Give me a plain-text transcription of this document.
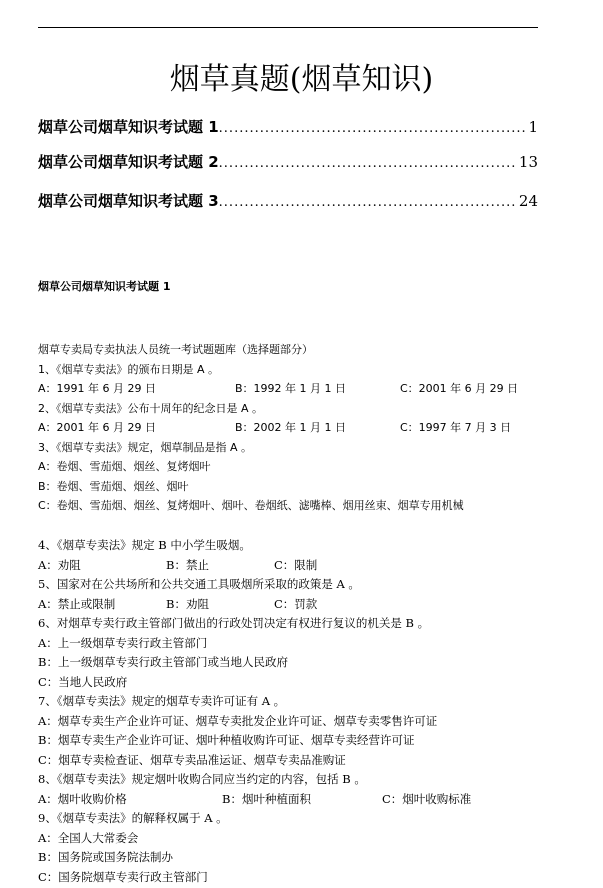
烟草真题(烟草知识)
烟草公司烟草知识考试题 1 .....	1
烟草公司烟草知识考试题 2 .....	13
烟草公司烟草知识考试题 3 .....	24
烟草公司烟草知识考试题 1
烟草专卖局专卖执法人员统一考试题题库（选择题部分）
1、《烟草专卖法》的颁布日期是 A 。
A：1991 年 6 月 29 日	B：1992 年 1 月 1 日	C：2001 年 6 月 29 日
2、《烟草专卖法》公布十周年的纪念日是 A 。
A：2001 年 6 月 29 日	B：2002 年 1 月 1 日	C：1997 年 7 月 3 日
3、《烟草专卖法》规定，烟草制品是指 A 。
A：卷烟、雪茄烟、烟丝、复烤烟叶
B：卷烟、雪茄烟、烟丝、烟叶
C：卷烟、雪茄烟、烟丝、复烤烟叶、烟叶、卷烟纸、滤嘴棒、烟用丝束、烟草专用机械
4、《烟草专卖法》规定 B 中小学生吸烟。
A：劝阻	B：禁止	C：限制
5、国家对在公共场所和公共交通工具吸烟所采取的政策是 A 。
A：禁止或限制	B：劝阻	C：罚款
6、对烟草专卖行政主管部门做出的行政处罚决定有权进行复议的机关是 B 。
A：上一级烟草专卖行政主管部门
B：上一级烟草专卖行政主管部门或当地人民政府
C：当地人民政府
7、《烟草专卖法》规定的烟草专卖许可证有 A 。
A：烟草专卖生产企业许可证、烟草专卖批发企业许可证、烟草专卖零售许可证
B：烟草专卖生产企业许可证、烟叶种植收购许可证、烟草专卖经营许可证
C：烟草专卖检查证、烟草专卖品准运证、烟草专卖品准购证
8、《烟草专卖法》规定烟叶收购合同应当约定的内容，包括 B 。
A：烟叶收购价格	B：烟叶种植面积	C：烟叶收购标准
9、《烟草专卖法》的解释权属于 A 。
A：全国人大常委会
B：国务院或国务院法制办
C：国务院烟草专卖行政主管部门
